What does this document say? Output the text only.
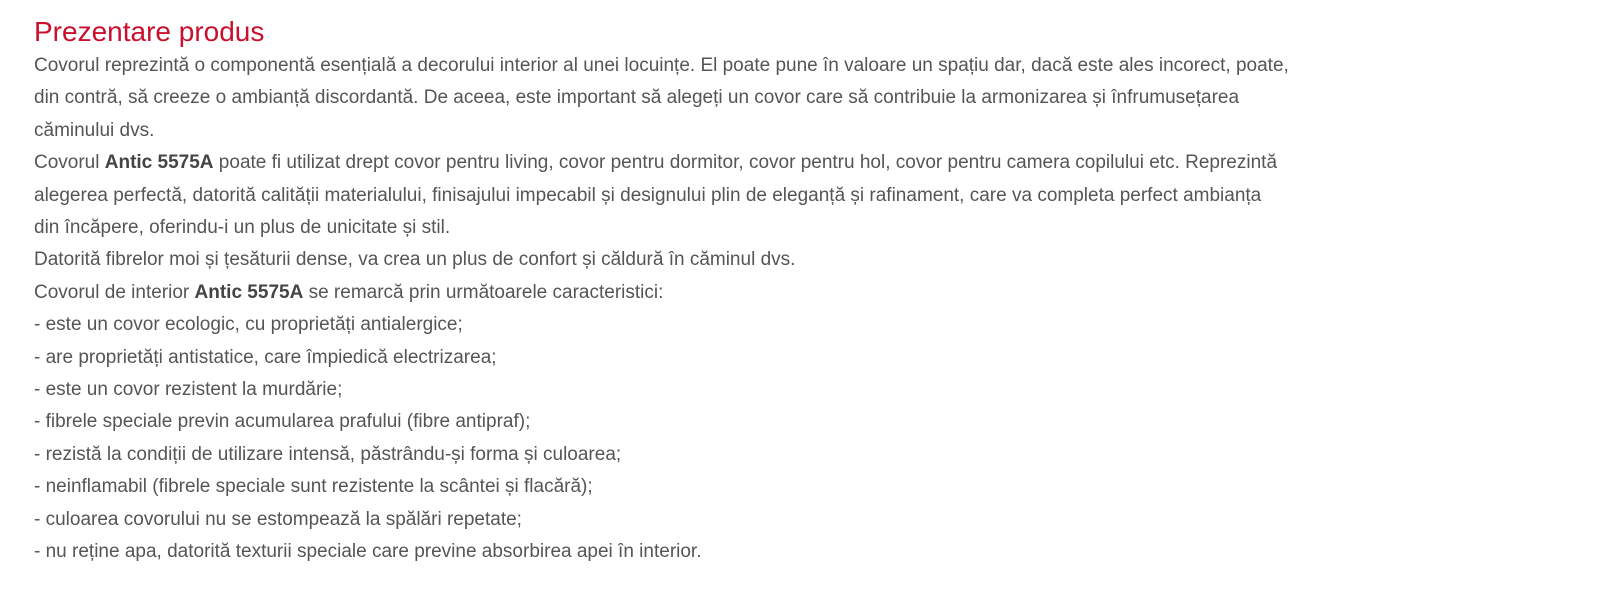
Prezentare produs
Covorul reprezintă o componentă esențială a decorului interior al unei locuințe. El poate pune în valoare un spațiu dar, dacă este ales incorect, poate,
din contră, să creeze o ambianță discordantă. De aceea, este important să alegeți un covor care să contribuie la armonizarea și înfrumusețarea
căminului dvs.
Covorul Antic 5575A poate fi utilizat drept covor pentru living, covor pentru dormitor, covor pentru hol, covor pentru camera copilului etc. Reprezintă
alegerea perfectă, datorită calității materialului, finisajului impecabil și designului plin de eleganță și rafinament, care va completa perfect ambianța
din încăpere, oferindu-i un plus de unicitate și stil.
Datorită fibrelor moi și țesăturii dense, va crea un plus de confort și căldură în căminul dvs.
Covorul de interior Antic 5575A se remarcă prin următoarele caracteristici:
- este un covor ecologic, cu proprietăți antialergice;
- are proprietăți antistatice, care împiedică electrizarea;
- este un covor rezistent la murdărie;
- fibrele speciale previn acumularea prafului (fibre antipraf);
- rezistă la condiții de utilizare intensă, păstrându-și forma și culoarea;
- neinflamabil (fibrele speciale sunt rezistente la scântei și flacără);
- culoarea covorului nu se estompează la spălări repetate;
- nu reține apa, datorită texturii speciale care previne absorbirea apei în interior.
